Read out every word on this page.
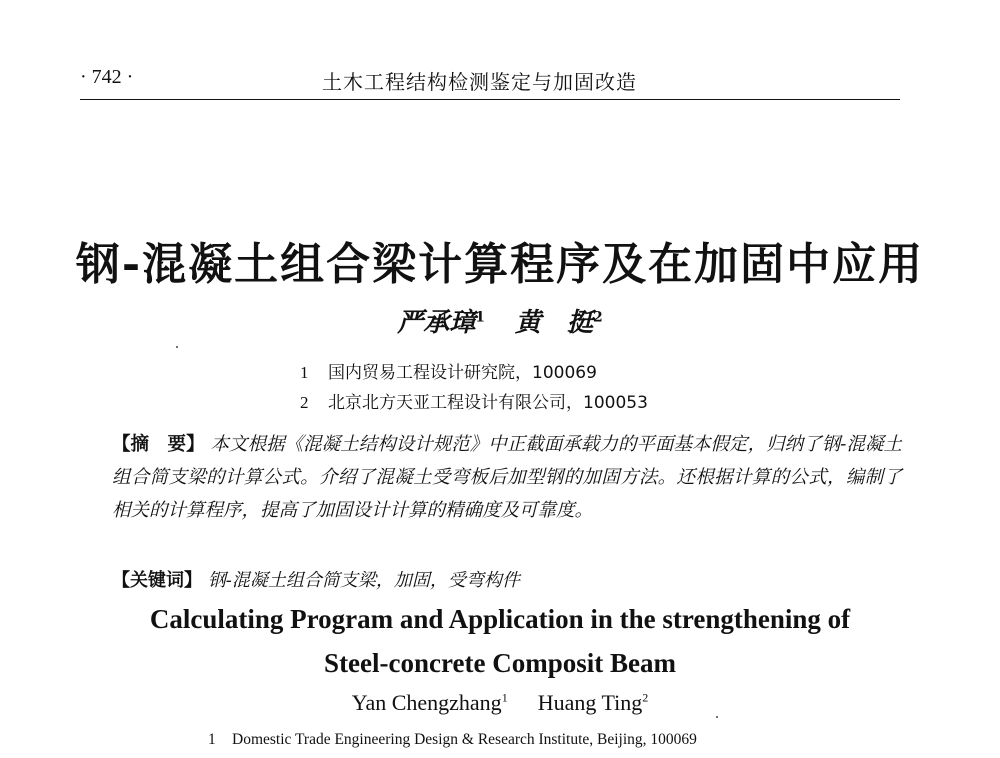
· 742 ·	土木工程结构检测鉴定与加固改造
钢-混凝土组合梁计算程序及在加固中应用
严承璋$^1$ 黄　挺$^2$
1 国内贸易工程设计研究院，100069
2 北京北方天亚工程设计有限公司，100053
【摘　要】 本文根据《混凝土结构设计规范》中正截面承载力的平面基本假定，归纳了钢-混凝土组合简支梁的计算公式。介绍了混凝土受弯板后加型钢的加固方法。还根据计算的公式，编制了相关的计算程序，提高了加固设计计算的精确度及可靠度。
【关键词】 钢-混凝土组合简支梁，加固，受弯构件
Calculating Program and Application in the strengthening of
Steel-concrete Composit Beam
Yan Chengzhang$^1$ Huang Ting$^2$
1 Domestic Trade Engineering Design & Research Institute, Beijing, 100069
